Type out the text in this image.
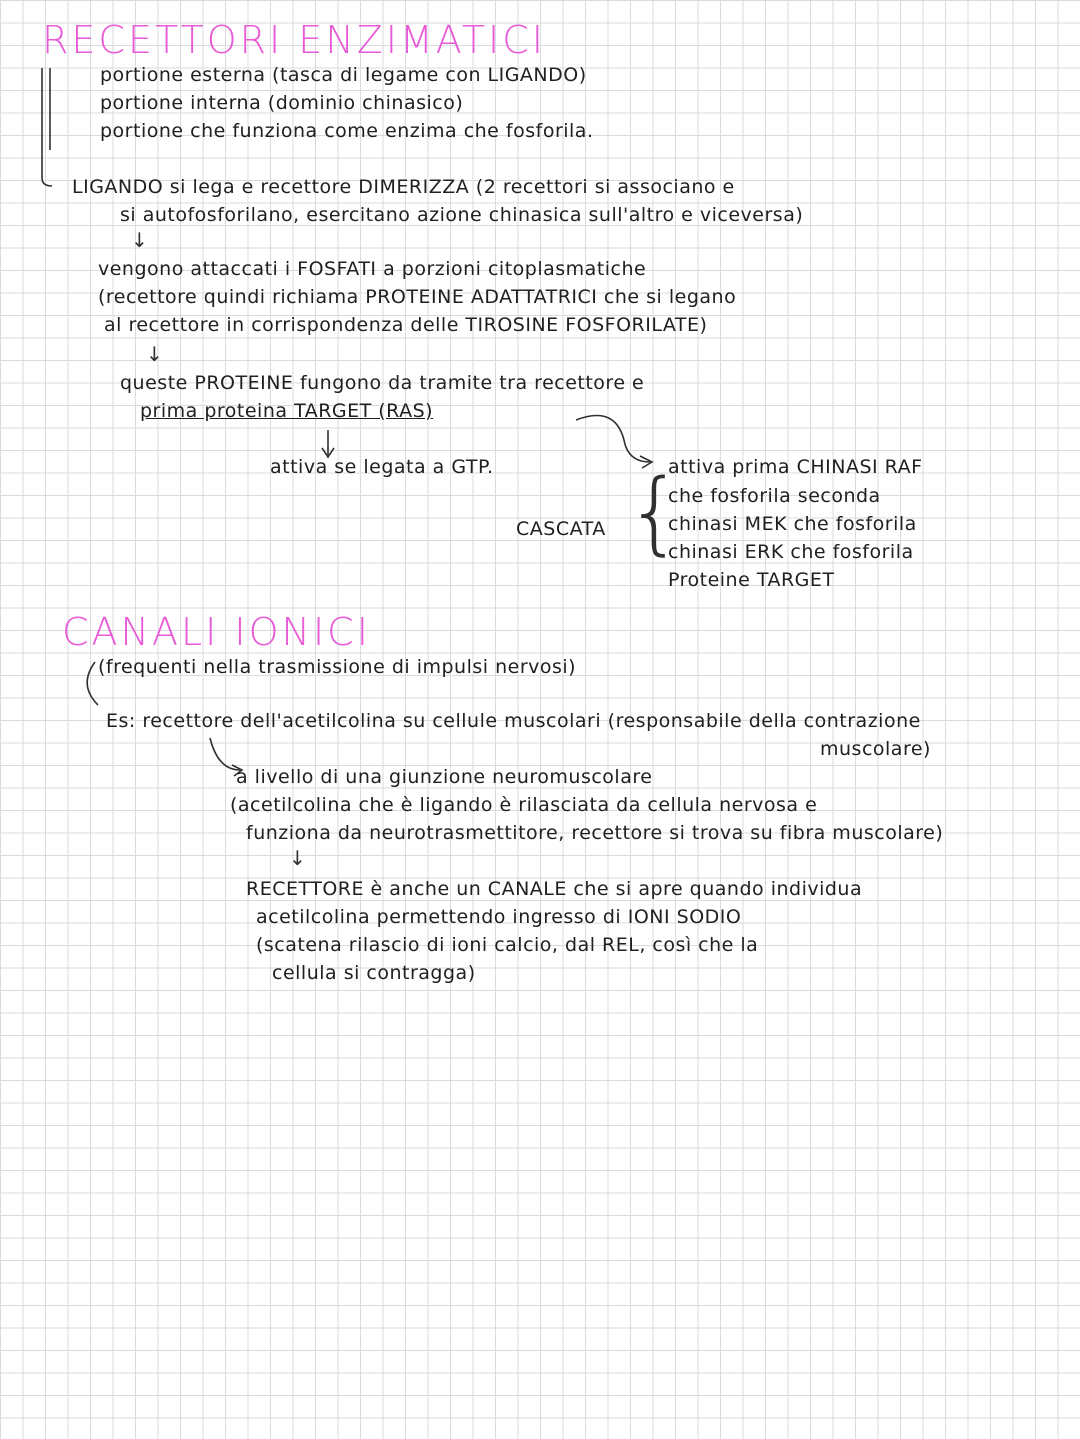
RECETTORI ENZIMATICI
portione esterna (tasca di legame con LIGANDO)
portione interna (dominio chinasico)
portione che funziona come enzima che fosforila.
LIGANDO si lega e recettore DIMERIZZA (2 recettori si associano e
si autofosforilano, esercitano azione chinasica sull'altro e viceversa)
↓
vengono attaccati i FOSFATI a porzioni citoplasmatiche
(recettore quindi richiama PROTEINE ADATTATRICI che si legano
al recettore in corrispondenza delle TIROSINE FOSFORILATE)
↓
queste PROTEINE fungono da tramite tra recettore e
prima proteina TARGET (RAS)
attiva se legata a GTP.
CASCATA {
attiva prima CHINASI RAF
che fosforila seconda
chinasi MEK che fosforila
chinasi ERK che fosforila
Proteine TARGET
CANALI IONICI
(frequenti nella trasmissione di impulsi nervosi)
Es: recettore dell'acetilcolina su cellule muscolari (responsabile della contrazione
muscolare)
a livello di una giunzione neuromuscolare
(acetilcolina che è ligando è rilasciata da cellula nervosa e
funziona da neurotrasmettitore, recettore si trova su fibra muscolare)
↓
RECETTORE è anche un CANALE che si apre quando individua
acetilcolina permettendo ingresso di IONI SODIO
(scatena rilascio di ioni calcio, dal REL, così che la
cellula si contragga)
